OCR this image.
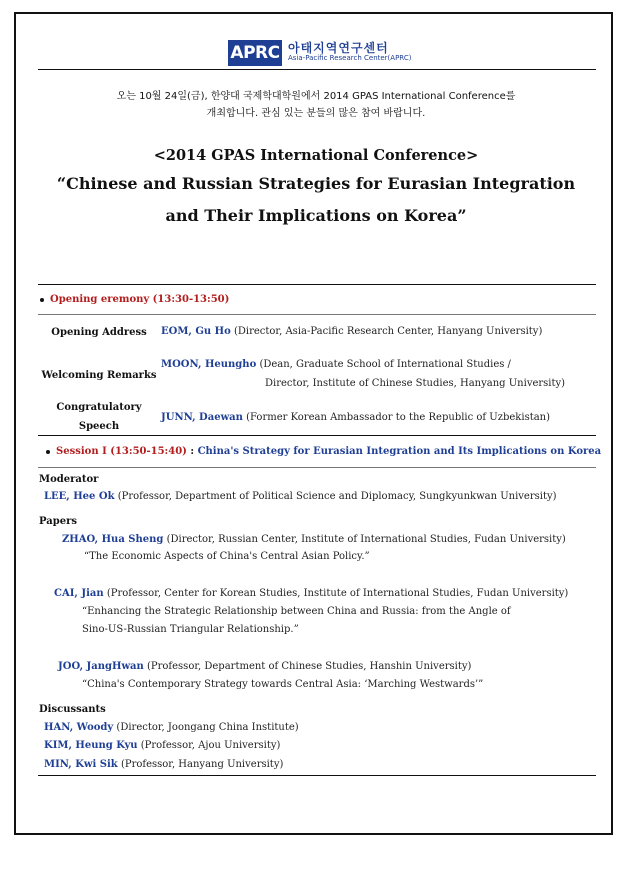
APRC 아태지역연구센터
Asia-Pacific Research Center(APRC)
오는 10월 24일(금), 한양대 국제학대학원에서 2014 GPAS International Conference를
개최합니다. 관심 있는 분들의 많은 참여 바랍니다.
<2014 GPAS International Conference>
“Chinese and Russian Strategies for Eurasian Integration
and Their Implications on Korea”
Opening eremony (13:30-13:50)
Opening Address	EOM, Gu Ho (Director, Asia-Pacific Research Center, Hanyang University)
Welcoming Remarks
MOON, Heungho (Dean, Graduate School of International Studies /
Director, Institute of Chinese Studies, Hanyang University)
Congratulatory
Speech
JUNN, Daewan (Former Korean Ambassador to the Republic of Uzbekistan)
Session I (13:50-15:40) : China's Strategy for Eurasian Integration and Its Implications on Korea
Moderator
LEE, Hee Ok (Professor, Department of Political Science and Diplomacy, Sungkyunkwan University)
Papers
ZHAO, Hua Sheng (Director, Russian Center, Institute of International Studies, Fudan University)
“The Economic Aspects of China's Central Asian Policy.”
CAI, Jian (Professor, Center for Korean Studies, Institute of International Studies, Fudan University)
“Enhancing the Strategic Relationship between China and Russia: from the Angle of
Sino-US-Russian Triangular Relationship.”
JOO, JangHwan (Professor, Department of Chinese Studies, Hanshin University)
“China's Contemporary Strategy towards Central Asia: ‘Marching Westwards’”
Discussants
HAN, Woody (Director, Joongang China Institute)
KIM, Heung Kyu (Professor, Ajou University)
MIN, Kwi Sik (Professor, Hanyang University)
